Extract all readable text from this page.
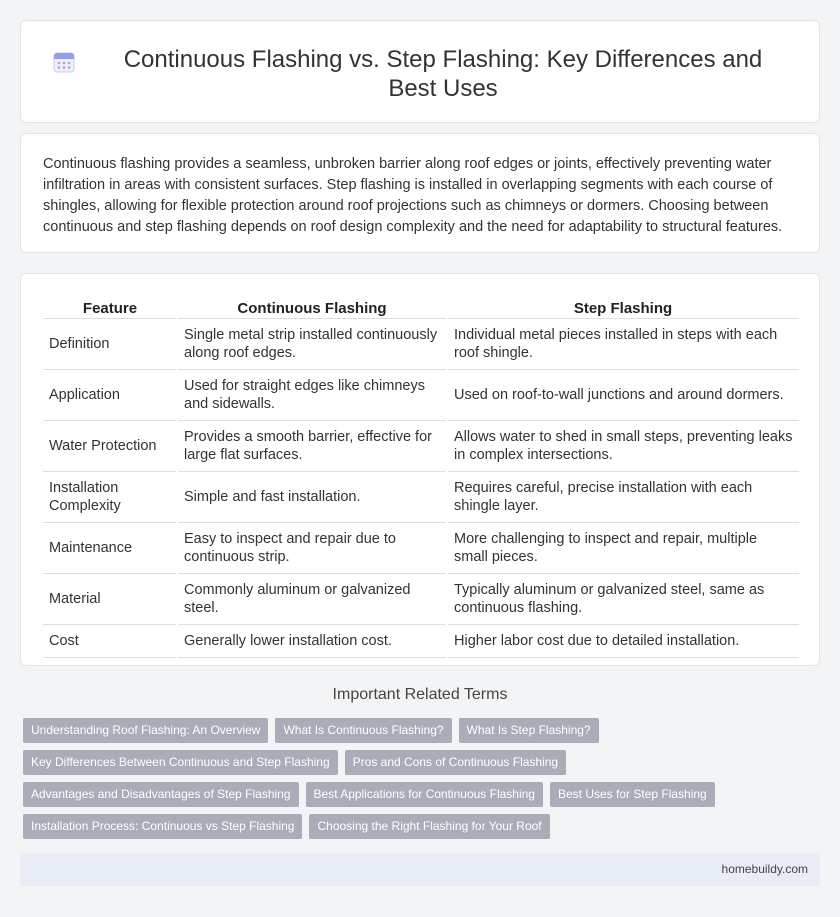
Continuous Flashing vs. Step Flashing: Key Differences and Best Uses

Continuous flashing provides a seamless, unbroken barrier along roof edges or joints, effectively preventing water infiltration in areas with consistent surfaces. Step flashing is installed in overlapping segments with each course of shingles, allowing for flexible protection around roof projections such as chimneys or dormers. Choosing between continuous and step flashing depends on roof design complexity and the need for adaptability to structural features.

Feature	Continuous Flashing	Step Flashing
Definition	Single metal strip installed continuously along roof edges.	Individual metal pieces installed in steps with each roof shingle.
Application	Used for straight edges like chimneys and sidewalls.	Used on roof-to-wall junctions and around dormers.
Water Protection	Provides a smooth barrier, effective for large flat surfaces.	Allows water to shed in small steps, preventing leaks in complex intersections.
Installation Complexity	Simple and fast installation.	Requires careful, precise installation with each shingle layer.
Maintenance	Easy to inspect and repair due to continuous strip.	More challenging to inspect and repair, multiple small pieces.
Material	Commonly aluminum or galvanized steel.	Typically aluminum or galvanized steel, same as continuous flashing.
Cost	Generally lower installation cost.	Higher labor cost due to detailed installation.
Important Related Terms
Understanding Roof Flashing: An Overview	What Is Continuous Flashing?	What Is Step Flashing?
Key Differences Between Continuous and Step Flashing	Pros and Cons of Continuous Flashing
Advantages and Disadvantages of Step Flashing	Best Applications for Continuous Flashing	Best Uses for Step Flashing
Installation Process: Continuous vs Step Flashing	Choosing the Right Flashing for Your Roof
homebuildy.com
